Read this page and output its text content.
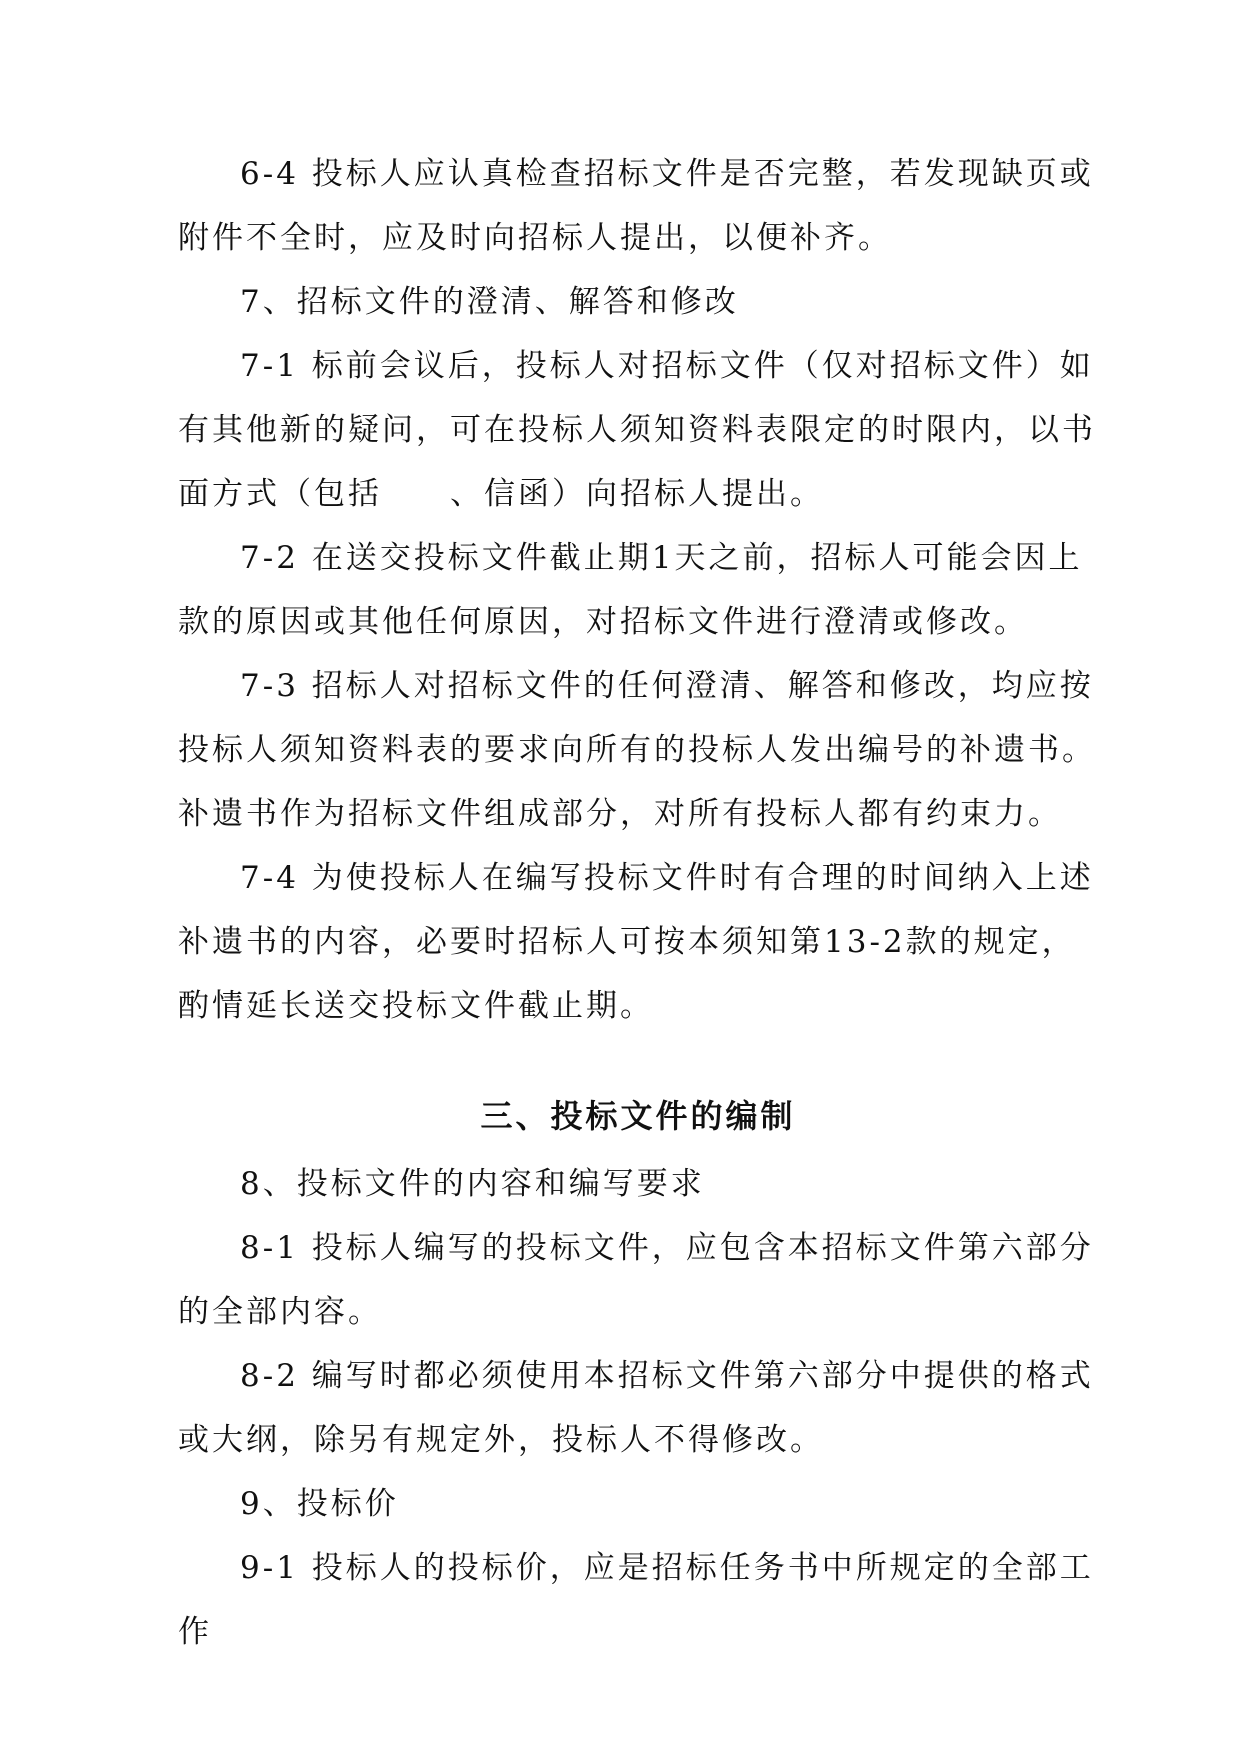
6-4 投标人应认真检查招标文件是否完整，若发现缺页或附件不全时，应及时向招标人提出，以便补齐。

7、招标文件的澄清、解答和修改

7-1 标前会议后，投标人对招标文件（仅对招标文件）如有其他新的疑问，可在投标人须知资料表限定的时限内，以书面方式（包括　　、信函）向招标人提出。

7-2 在送交投标文件截止期1天之前，招标人可能会因上款的原因或其他任何原因，对招标文件进行澄清或修改。

7-3 招标人对招标文件的任何澄清、解答和修改，均应按投标人须知资料表的要求向所有的投标人发出编号的补遗书。补遗书作为招标文件组成部分，对所有投标人都有约束力。

7-4 为使投标人在编写投标文件时有合理的时间纳入上述补遗书的内容，必要时招标人可按本须知第13-2款的规定，酌情延长送交投标文件截止期。

三、投标文件的编制

8、投标文件的内容和编写要求

8-1 投标人编写的投标文件，应包含本招标文件第六部分的全部内容。

8-2 编写时都必须使用本招标文件第六部分中提供的格式或大纲，除另有规定外，投标人不得修改。

9、投标价

9-1 投标人的投标价，应是招标任务书中所规定的全部工作
